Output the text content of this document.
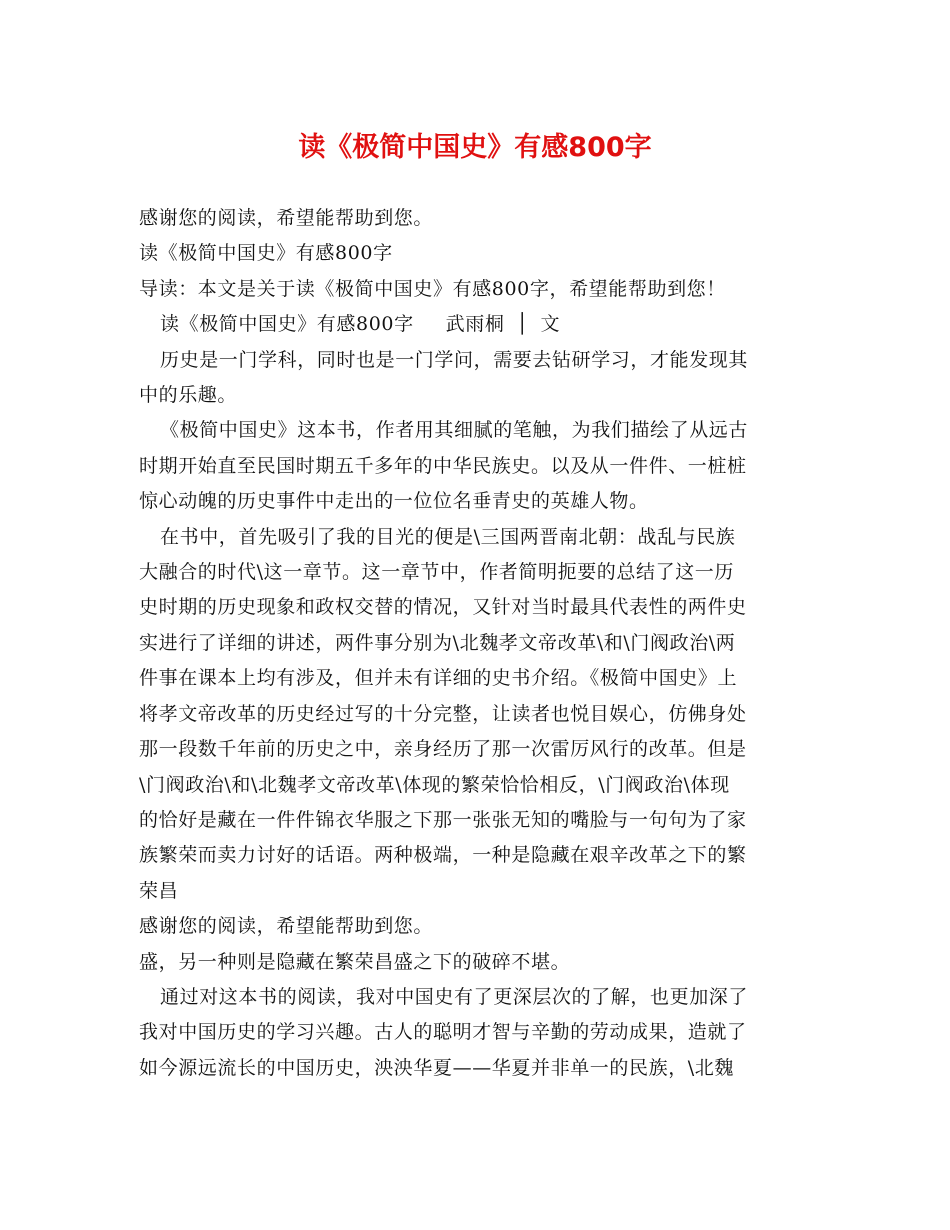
读《极简中国史》有感800字
感谢您的阅读，希望能帮助到您。
读《极简中国史》有感800字
导读：本文是关于读《极简中国史》有感800字，希望能帮助到您！
读《极简中国史》有感800字 武雨桐 │ 文
历史是一门学科，同时也是一门学问，需要去钻研学习，才能发现其
中的乐趣。
《极简中国史》这本书，作者用其细腻的笔触，为我们描绘了从远古
时期开始直至民国时期五千多年的中华民族史。以及从一件件、一桩桩
惊心动魄的历史事件中走出的一位位名垂青史的英雄人物。
在书中，首先吸引了我的目光的便是\三国两晋南北朝：战乱与民族
大融合的时代\这一章节。这一章节中，作者简明扼要的总结了这一历
史时期的历史现象和政权交替的情况，又针对当时最具代表性的两件史
实进行了详细的讲述，两件事分别为\北魏孝文帝改革\和\门阀政治\两
件事在课本上均有涉及，但并未有详细的史书介绍。《极简中国史》上
将孝文帝改革的历史经过写的十分完整，让读者也悦目娱心，仿佛身处
那一段数千年前的历史之中，亲身经历了那一次雷厉风行的改革。但是
\门阀政治\和\北魏孝文帝改革\体现的繁荣恰恰相反，\门阀政治\体现
的恰好是藏在一件件锦衣华服之下那一张张无知的嘴脸与一句句为了家
族繁荣而卖力讨好的话语。两种极端，一种是隐藏在艰辛改革之下的繁
荣昌
感谢您的阅读，希望能帮助到您。
盛，另一种则是隐藏在繁荣昌盛之下的破碎不堪。
通过对这本书的阅读，我对中国史有了更深层次的了解，也更加深了
我对中国历史的学习兴趣。古人的聪明才智与辛勤的劳动成果，造就了
如今源远流长的中国历史，泱泱华夏——华夏并非单一的民族，\北魏
